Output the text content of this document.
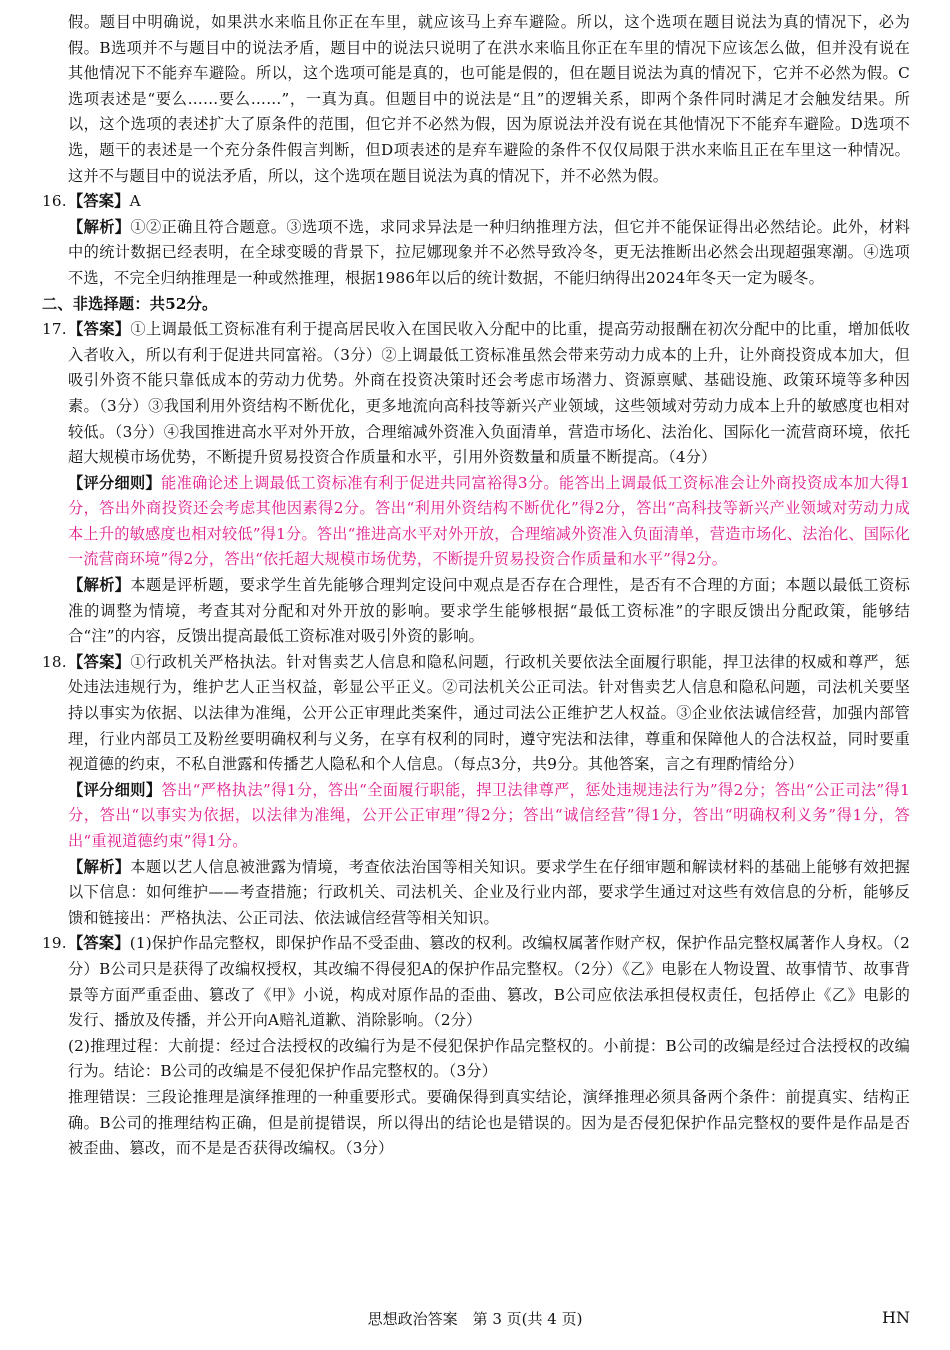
假。题目中明确说，如果洪水来临且你正在车里，就应该马上弃车避险。所以，这个选项在题目说法为真的情况下，必为假。B选项并不与题目中的说法矛盾，题目中的说法只说明了在洪水来临且你正在车里的情况下应该怎么做，但并没有说在其他情况下不能弃车避险。所以，这个选项可能是真的，也可能是假的，但在题目说法为真的情况下，它并不必然为假。C选项表述是“要么……要么……”，一真为真。但题目中的说法是“且”的逻辑关系，即两个条件同时满足才会触发结果。所以，这个选项的表述扩大了原条件的范围，但它并不必然为假，因为原说法并没有说在其他情况下不能弃车避险。D选项不选，题干的表述是一个充分条件假言判断，但D项表述的是弃车避险的条件不仅仅局限于洪水来临且正在车里这一种情况。这并不与题目中的说法矛盾，所以，这个选项在题目说法为真的情况下，并不必然为假。

16. 【答案】A

【解析】①②正确且符合题意。③选项不选，求同求异法是一种归纳推理方法，但它并不能保证得出必然结论。此外，材料中的统计数据已经表明，在全球变暖的背景下，拉尼娜现象并不必然导致冷冬，更无法推断出必然会出现超强寒潮。④选项不选，不完全归纳推理是一种或然推理，根据1986年以后的统计数据，不能归纳得出2024年冬天一定为暖冬。

二、非选择题：共52分。

17. 【答案】①上调最低工资标准有利于提高居民收入在国民收入分配中的比重，提高劳动报酬在初次分配中的比重，增加低收入者收入，所以有利于促进共同富裕。（3分）②上调最低工资标准虽然会带来劳动力成本的上升，让外商投资成本加大，但吸引外资不能只靠低成本的劳动力优势。外商在投资决策时还会考虑市场潜力、资源禀赋、基础设施、政策环境等多种因素。（3分）③我国利用外资结构不断优化，更多地流向高科技等新兴产业领域，这些领域对劳动力成本上升的敏感度也相对较低。（3分）④我国推进高水平对外开放，合理缩减外资准入负面清单，营造市场化、法治化、国际化一流营商环境，依托超大规模市场优势，不断提升贸易投资合作质量和水平，引用外资数量和质量不断提高。（4分）

【评分细则】能准确论述上调最低工资标准有利于促进共同富裕得3分。能答出上调最低工资标准会让外商投资成本加大得1分，答出外商投资还会考虑其他因素得2分。答出“利用外资结构不断优化”得2分，答出“高科技等新兴产业领域对劳动力成本上升的敏感度也相对较低”得1分。答出“推进高水平对外开放，合理缩减外资准入负面清单，营造市场化、法治化、国际化一流营商环境”得2分，答出“依托超大规模市场优势，不断提升贸易投资合作质量和水平”得2分。

【解析】本题是评析题，要求学生首先能够合理判定设问中观点是否存在合理性，是否有不合理的方面；本题以最低工资标准的调整为情境，考查其对分配和对外开放的影响。要求学生能够根据“最低工资标准”的字眼反馈出分配政策，能够结合“注”的内容，反馈出提高最低工资标准对吸引外资的影响。

18. 【答案】①行政机关严格执法。针对售卖艺人信息和隐私问题，行政机关要依法全面履行职能，捍卫法律的权威和尊严，惩处违法违规行为，维护艺人正当权益，彰显公平正义。②司法机关公正司法。针对售卖艺人信息和隐私问题，司法机关要坚持以事实为依据、以法律为准绳，公开公正审理此类案件，通过司法公正维护艺人权益。③企业依法诚信经营，加强内部管理，行业内部员工及粉丝要明确权利与义务，在享有权利的同时，遵守宪法和法律，尊重和保障他人的合法权益，同时要重视道德的约束，不私自泄露和传播艺人隐私和个人信息。（每点3分，共9分。其他答案，言之有理酌情给分）

【评分细则】答出“严格执法”得1分，答出“全面履行职能，捍卫法律尊严，惩处违规违法行为”得2分；答出“公正司法”得1分，答出“以事实为依据，以法律为准绳，公开公正审理”得2分；答出“诚信经营”得1分，答出“明确权利义务”得1分，答出“重视道德约束”得1分。

【解析】本题以艺人信息被泄露为情境，考查依法治国等相关知识。要求学生在仔细审题和解读材料的基础上能够有效把握以下信息：如何维护——考查措施；行政机关、司法机关、企业及行业内部，要求学生通过对这些有效信息的分析，能够反馈和链接出：严格执法、公正司法、依法诚信经营等相关知识。

19. 【答案】(1)保护作品完整权，即保护作品不受歪曲、篡改的权利。改编权属著作财产权，保护作品完整权属著作人身权。（2分）B公司只是获得了改编权授权，其改编不得侵犯A的保护作品完整权。（2分）《乙》电影在人物设置、故事情节、故事背景等方面严重歪曲、篡改了《甲》小说，构成对原作品的歪曲、篡改，B公司应依法承担侵权责任，包括停止《乙》电影的发行、播放及传播，并公开向A赔礼道歉、消除影响。（2分）

(2)推理过程：大前提：经过合法授权的改编行为是不侵犯保护作品完整权的。小前提：B公司的改编是经过合法授权的改编行为。结论：B公司的改编是不侵犯保护作品完整权的。（3分）

推理错误：三段论推理是演绎推理的一种重要形式。要确保得到真实结论，演绎推理必须具备两个条件：前提真实、结构正确。B公司的推理结构正确，但是前提错误，所以得出的结论也是错误的。因为是否侵犯保护作品完整权的要件是作品是否被歪曲、篡改，而不是是否获得改编权。（3分）

思想政治答案　第 3 页(共 4 页)	HN
